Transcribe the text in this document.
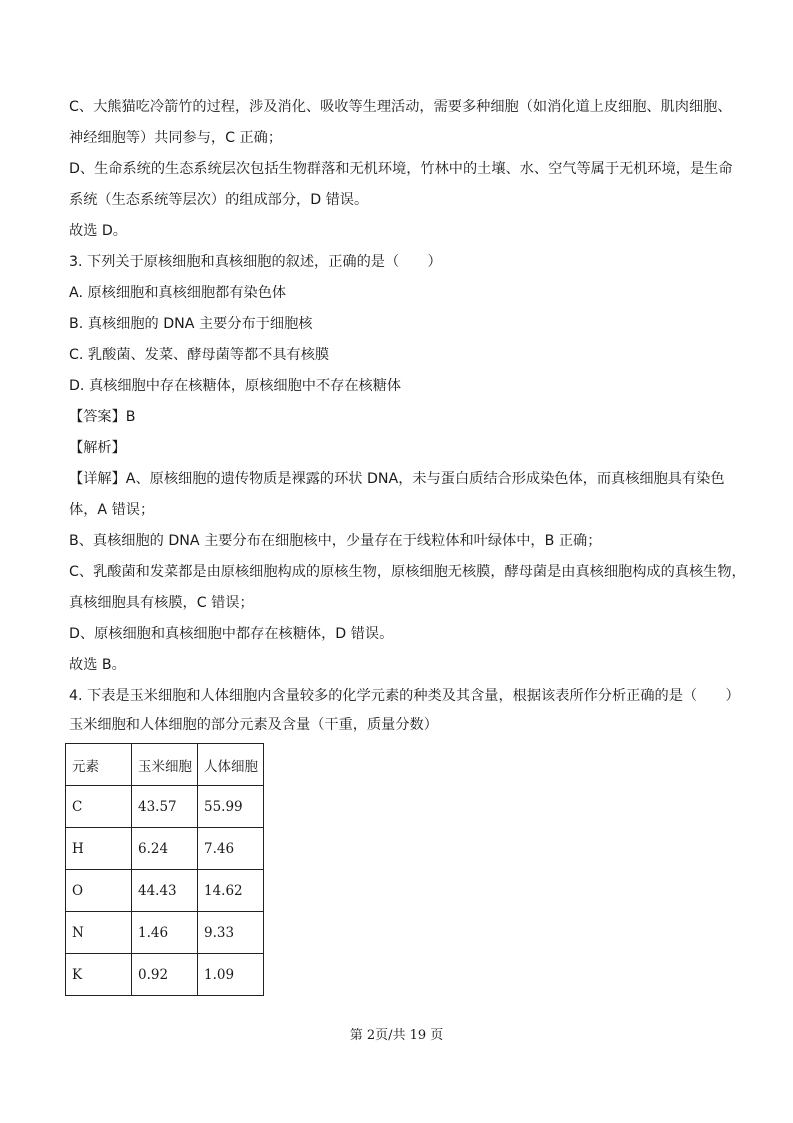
C、大熊猫吃冷箭竹的过程，涉及消化、吸收等生理活动，需要多种细胞（如消化道上皮细胞、肌肉细胞、
神经细胞等）共同参与，C 正确；
D、生命系统的生态系统层次包括生物群落和无机环境，竹林中的土壤、水、空气等属于无机环境，是生命
系统（生态系统等层次）的组成部分，D 错误。
故选 D。
3. 下列关于原核细胞和真核细胞的叙述，正确的是（　　）
A. 原核细胞和真核细胞都有染色体
B. 真核细胞的 DNA 主要分布于细胞核
C. 乳酸菌、发菜、酵母菌等都不具有核膜
D. 真核细胞中存在核糖体，原核细胞中不存在核糖体
【答案】B
【解析】
【详解】A、原核细胞的遗传物质是裸露的环状 DNA，未与蛋白质结合形成染色体，而真核细胞具有染色
体，A 错误；
B、真核细胞的 DNA 主要分布在细胞核中，少量存在于线粒体和叶绿体中，B 正确；
C、乳酸菌和发菜都是由原核细胞构成的原核生物，原核细胞无核膜，酵母菌是由真核细胞构成的真核生物，
真核细胞具有核膜，C 错误；
D、原核细胞和真核细胞中都存在核糖体，D 错误。
故选 B。
4. 下表是玉米细胞和人体细胞内含量较多的化学元素的种类及其含量，根据该表所作分析正确的是（　　）
玉米细胞和人体细胞的部分元素及含量（干重，质量分数）
元素	玉米细胞	人体细胞
C	43.57	55.99
H	6.24	7.46
O	44.43	14.62
N	1.46	9.33
K	0.92	1.09
第 2页/共 19 页
